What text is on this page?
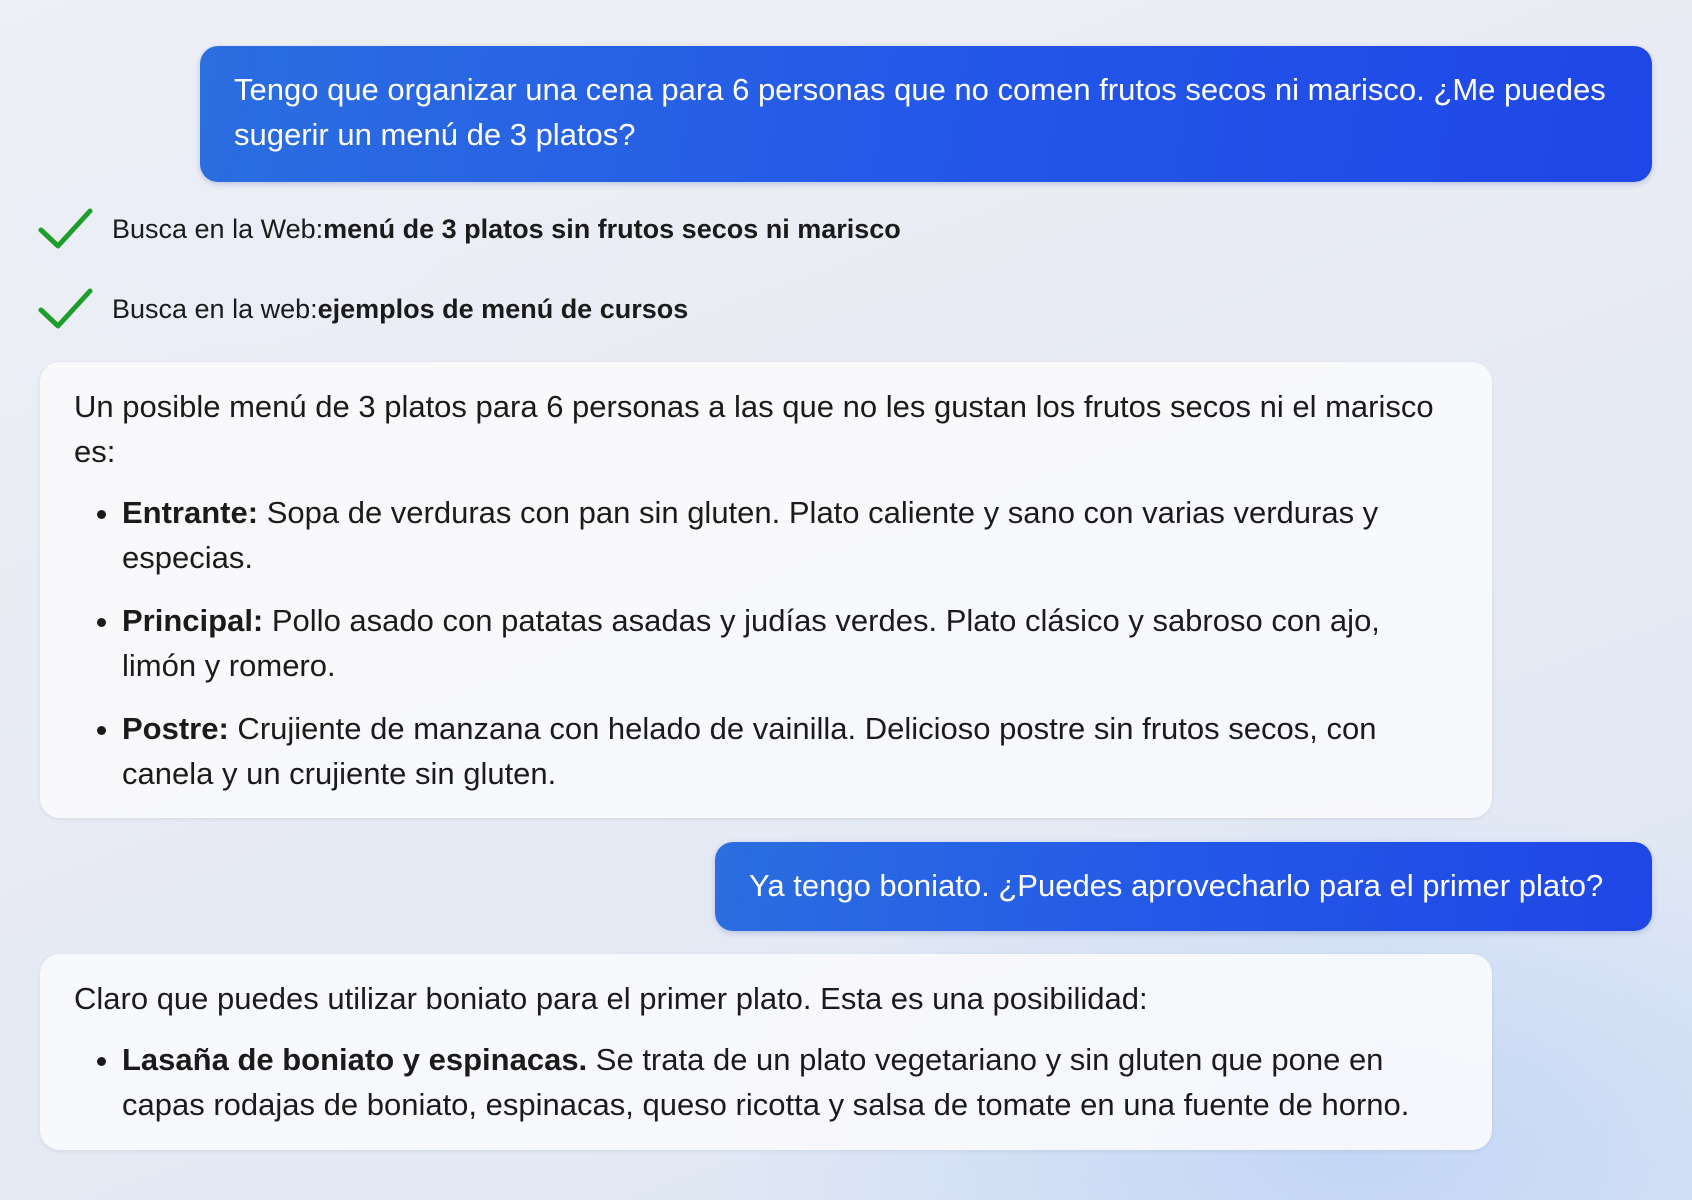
Tengo que organizar una cena para 6 personas que no comen frutos secos ni marisco. ¿Me puedes sugerir un menú de 3 platos?
Busca en la Web: menú de 3 platos sin frutos secos ni marisco
Busca en la web: ejemplos de menú de cursos

Un posible menú de 3 platos para 6 personas a las que no les gustan los frutos secos ni el marisco es:

• Entrante: Sopa de verduras con pan sin gluten. Plato caliente y sano con varias verduras y especias.
• Principal: Pollo asado con patatas asadas y judías verdes. Plato clásico y sabroso con ajo, limón y romero.
• Postre: Crujiente de manzana con helado de vainilla. Delicioso postre sin frutos secos, con canela y un crujiente sin gluten.
Ya tengo boniato. ¿Puedes aprovecharlo para el primer plato?

Claro que puedes utilizar boniato para el primer plato. Esta es una posibilidad:

• Lasaña de boniato y espinacas. Se trata de un plato vegetariano y sin gluten que pone en capas rodajas de boniato, espinacas, queso ricotta y salsa de tomate en una fuente de horno.
